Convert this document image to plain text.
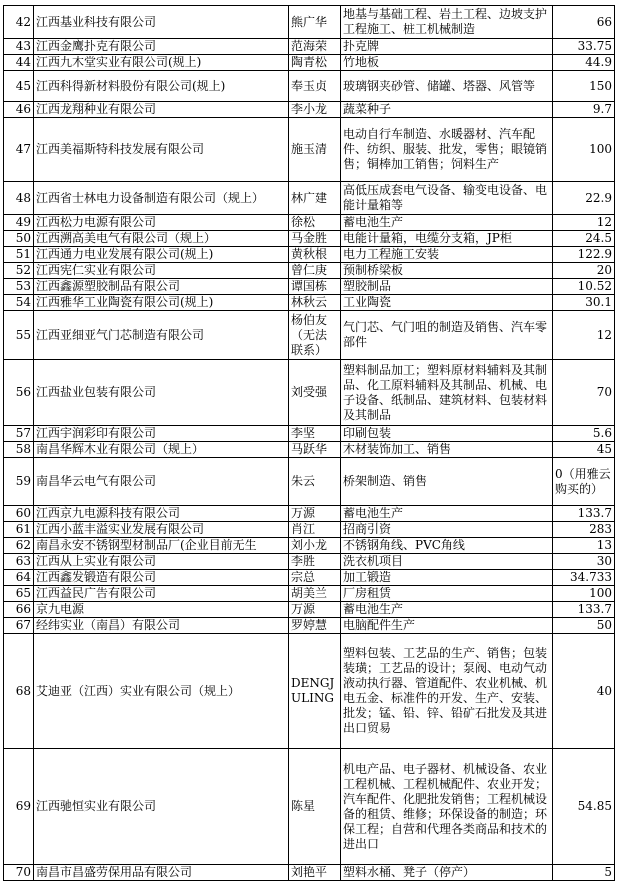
42	江西基业科技有限公司	熊广华	地基与基础工程、岩土工程、边坡支护工程施工、桩工机械制造	66
43	江西金鹰扑克有限公司	范海荣	扑克牌	33.75
44	江西九木堂实业有限公司(规上)	陶青松	竹地板	44.9
45	江西科得新材料股份有限公司(规上)	奉玉贞	玻璃钢夹砂管、储罐、塔器、风管等	150
46	江西龙翔种业有限公司	李小龙	蔬菜种子	9.7
47	江西美福斯特科技发展有限公司	施玉清	电动自行车制造、水暖器材、汽车配件、纺织、服装、批发，零售；眼镜销售；铜棒加工销售；饲料生产	100
48	江西省士林电力设备制造有限公司（规上）	林广建	高低压成套电气设备、输变电设备、电能计量箱等	22.9
49	江西松力电源有限公司	徐松	蓄电池生产	12
50	江西溯高美电气有限公司（规上）	马金胜	电能计量箱，电缆分支箱，JP柜	24.5
51	江西通力电业发展有限公司(规上)	黄秋根	电力工程施工安装	122.9
52	江西宪仁实业有限公司	曾仁庚	预制桥梁板	20
53	江西鑫源塑胶制品有限公司	谭国栋	塑胶制品	10.52
54	江西雅华工业陶瓷有限公司(规上)	林秋云	工业陶瓷	30.1
55	江西亚细亚气门芯制造有限公司	杨伯友（无法联系）	气门芯、气门咀的制造及销售、汽车零部件	12
56	江西盐业包装有限公司	刘受强	塑料制品加工；塑料原材料辅料及其制品、化工原料辅料及其制品、机械、电子设备、纸制品、建筑材料、包装材料及其制品	70
57	江西宇润彩印有限公司	李坚	印刷包装	5.6
58	南昌华辉木业有限公司（规上）	马跃华	木材装饰加工、销售	45
59	南昌华云电气有限公司	朱云	桥架制造、销售	0（用雅云购买的）
60	江西京九电源科技有限公司	万源	蓄电池生产	133.7
61	江西小蓝丰溢实业发展有限公司	肖江	招商引资	283
62	南昌永安不锈钢型材制品厂(企业目前无生	刘小龙	不锈钢角线、PVC角线	13
63	江西从上实业有限公司	李胜	洗衣机项目	30
64	江西鑫发锻造有限公司	宗总	加工锻造	34.733
65	江西益民广告有限公司	胡美兰	厂房租赁	100
66	京九电源	万源	蓄电池生产	133.7
67	经纬实业（南昌）有限公司	罗婷慧	电脑配件生产	50
68	艾迪亚（江西）实业有限公司（规上）	DENGJULING	塑料包装、工艺品的生产、销售；包装装璜；工艺品的设计；泵阀、电动气动液动执行器、管道配件、农业机械、机电五金、标准件的开发、生产、安装、批发；锰、铅、锌、铅矿石批发及其进出口贸易	40
69	江西驰恒实业有限公司	陈星	机电产品、电子器材、机械设备、农业工程机械、工程机械配件、农业开发；汽车配件、化肥批发销售；工程机械设备的租赁、维修；环保设备的制造；环保工程；自营和代理各类商品和技术的进出口	54.85
70	南昌市昌盛劳保用品有限公司	刘艳平	塑料水桶、凳子（停产）	5
